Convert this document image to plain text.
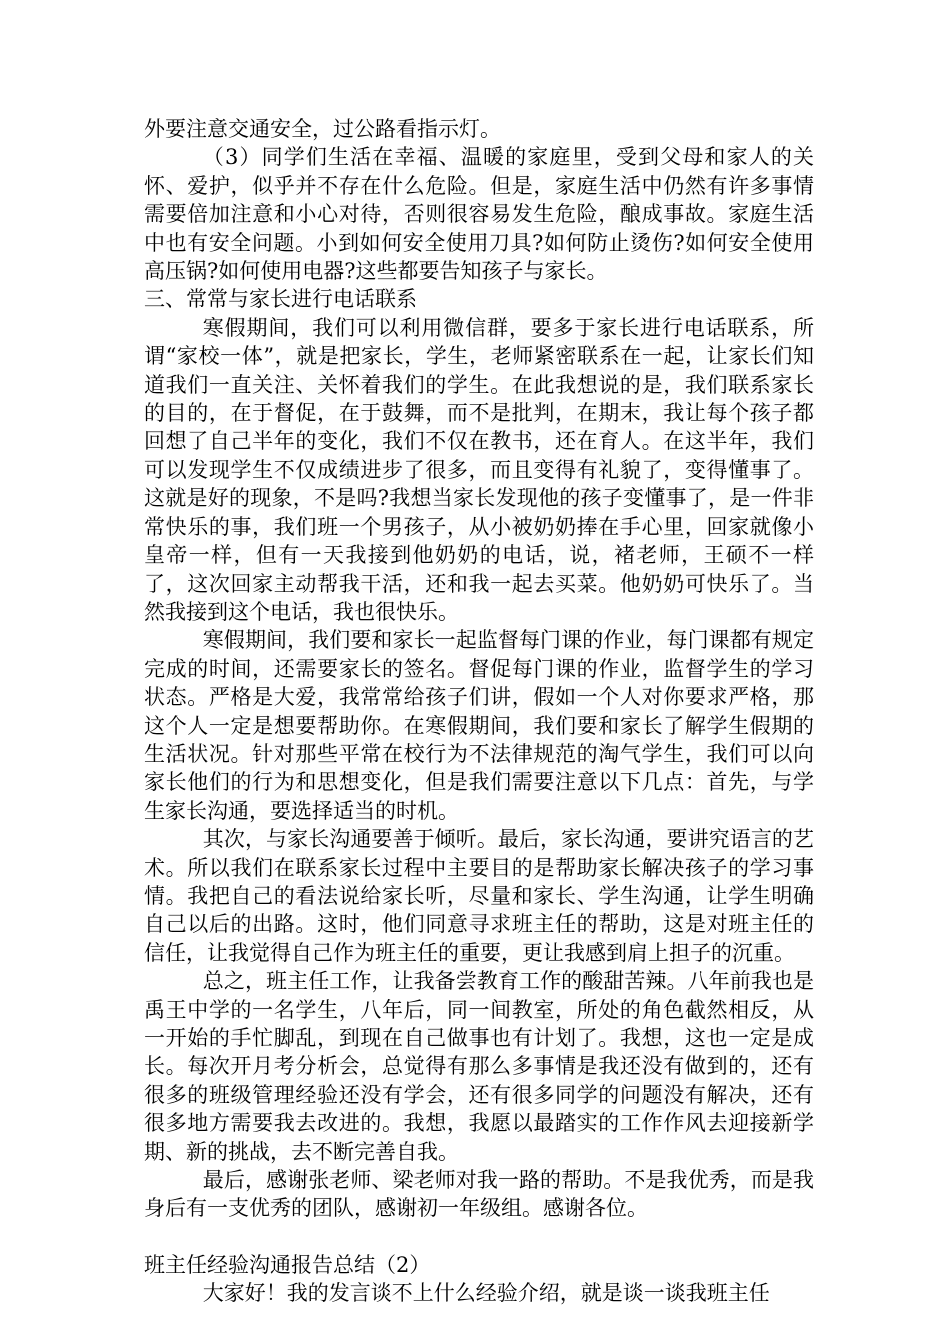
外要注意交通安全，过公路看指示灯。

（3）同学们生活在幸福、温暖的家庭里，受到父母和家人的关怀、爱护，似乎并不存在什么危险。但是，家庭生活中仍然有许多事情需要倍加注意和小心对待，否则很容易发生危险，酿成事故。家庭生活中也有安全问题。小到如何安全使用刀具?如何防止烫伤?如何安全使用高压锅?如何使用电器?这些都要告知孩子与家长。

三、常常与家长进行电话联系

寒假期间，我们可以利用微信群，要多于家长进行电话联系，所谓“家校一体”，就是把家长，学生，老师紧密联系在一起，让家长们知道我们一直关注、关怀着我们的学生。在此我想说的是，我们联系家长的目的，在于督促，在于鼓舞，而不是批判，在期末，我让每个孩子都回想了自己半年的变化，我们不仅在教书，还在育人。在这半年，我们可以发现学生不仅成绩进步了很多，而且变得有礼貌了，变得懂事了。这就是好的现象，不是吗?我想当家长发现他的孩子变懂事了，是一件非常快乐的事，我们班一个男孩子，从小被奶奶捧在手心里，回家就像小皇帝一样，但有一天我接到他奶奶的电话，说，褚老师，王硕不一样了，这次回家主动帮我干活，还和我一起去买菜。他奶奶可快乐了。当然我接到这个电话，我也很快乐。

寒假期间，我们要和家长一起监督每门课的作业，每门课都有规定完成的时间，还需要家长的签名。督促每门课的作业，监督学生的学习状态。严格是大爱，我常常给孩子们讲，假如一个人对你要求严格，那这个人一定是想要帮助你。在寒假期间，我们要和家长了解学生假期的生活状况。针对那些平常在校行为不法律规范的淘气学生，我们可以向家长他们的行为和思想变化，但是我们需要注意以下几点：首先，与学生家长沟通，要选择适当的时机。

其次，与家长沟通要善于倾听。最后，家长沟通，要讲究语言的艺术。所以我们在联系家长过程中主要目的是帮助家长解决孩子的学习事情。我把自己的看法说给家长听，尽量和家长、学生沟通，让学生明确自己以后的出路。这时，他们同意寻求班主任的帮助，这是对班主任的信任，让我觉得自己作为班主任的重要，更让我感到肩上担子的沉重。

总之，班主任工作，让我备尝教育工作的酸甜苦辣。八年前我也是禹王中学的一名学生，八年后，同一间教室，所处的角色截然相反，从一开始的手忙脚乱，到现在自己做事也有计划了。我想，这也一定是成长。每次开月考分析会，总觉得有那么多事情是我还没有做到的，还有很多的班级管理经验还没有学会，还有很多同学的问题没有解决，还有很多地方需要我去改进的。我想，我愿以最踏实的工作作风去迎接新学期、新的挑战，去不断完善自我。

最后，感谢张老师、梁老师对我一路的帮助。不是我优秀，而是我身后有一支优秀的团队，感谢初一年级组。感谢各位。

班主任经验沟通报告总结（2）

大家好！我的发言谈不上什么经验介绍，就是谈一谈我班主任
